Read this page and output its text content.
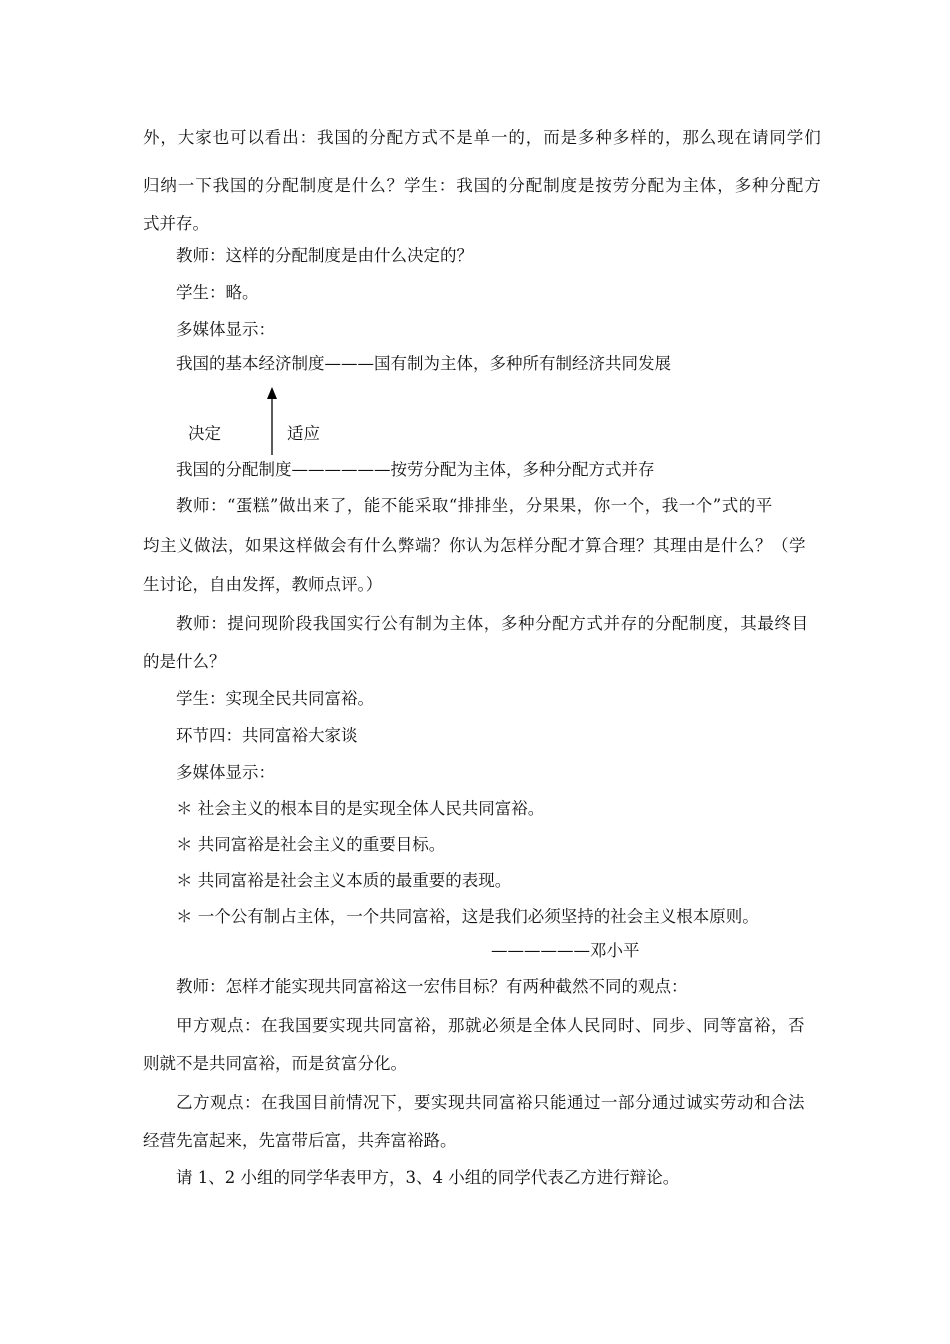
外，大家也可以看出：我国的分配方式不是单一的，而是多种多样的，那么现在请同学们
归纳一下我国的分配制度是什么？学生：我国的分配制度是按劳分配为主体，多种分配方
式并存。
教师：这样的分配制度是由什么决定的？
学生：略。
多媒体显示：
我国的基本经济制度———国有制为主体，多种所有制经济共同发展
决定	适应
我国的分配制度——————按劳分配为主体，多种分配方式并存
教师：“蛋糕”做出来了，能不能采取“排排坐，分果果，你一个，我一个”式的平
均主义做法，如果这样做会有什么弊端？你认为怎样分配才算合理？其理由是什么？（学
生讨论，自由发挥，教师点评。）
教师：提问现阶段我国实行公有制为主体，多种分配方式并存的分配制度，其最终目
的是什么？
学生：实现全民共同富裕。
环节四：共同富裕大家谈
多媒体显示：
＊ 社会主义的根本目的是实现全体人民共同富裕。
＊ 共同富裕是社会主义的重要目标。
＊ 共同富裕是社会主义本质的最重要的表现。
＊ 一个公有制占主体，一个共同富裕，这是我们必须坚持的社会主义根本原则。
——————邓小平
教师：怎样才能实现共同富裕这一宏伟目标？有两种截然不同的观点：
甲方观点：在我国要实现共同富裕，那就必须是全体人民同时、同步、同等富裕，否
则就不是共同富裕，而是贫富分化。
乙方观点：在我国目前情况下，要实现共同富裕只能通过一部分通过诚实劳动和合法
经营先富起来，先富带后富，共奔富裕路。
请 1、2 小组的同学华表甲方，3、4 小组的同学代表乙方进行辩论。
